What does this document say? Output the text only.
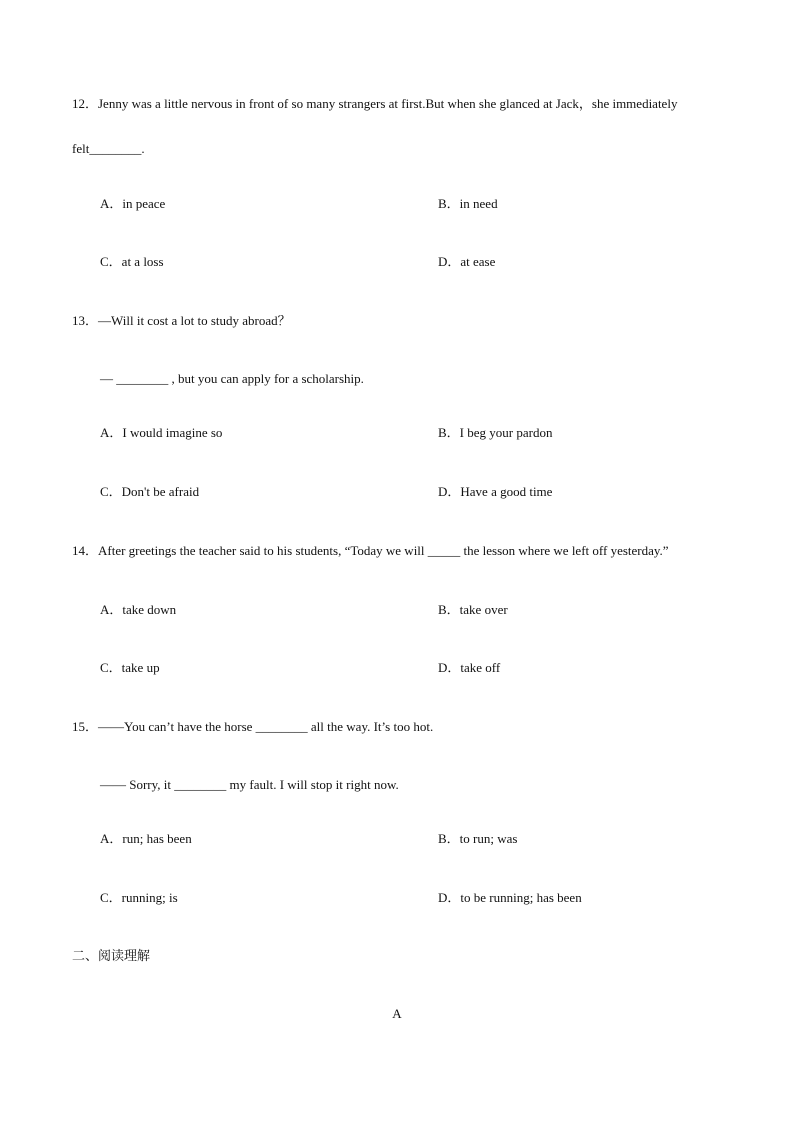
12．Jenny was a little nervous in front of so many strangers at first.But when she glanced at Jack，she immediately
felt________.
A．in peace	B．in need
C．at a loss	D．at ease
13．—Will it cost a lot to study abroad？
— ________ , but you can apply for a scholarship.
A．I would imagine so	B．I beg your pardon
C．Don't be afraid	D．Have a good time
14．After greetings the teacher said to his students, “Today we will _____ the lesson where we left off yesterday.”
A．take down	B．take over
C．take up	D．take off
15．——You can’t have the horse ________ all the way. It’s too hot.
—— Sorry, it ________ my fault. I will stop it right now.
A．run; has been	B．to run; was
C．running; is	D．to be running; has been
二、阅读理解
A
